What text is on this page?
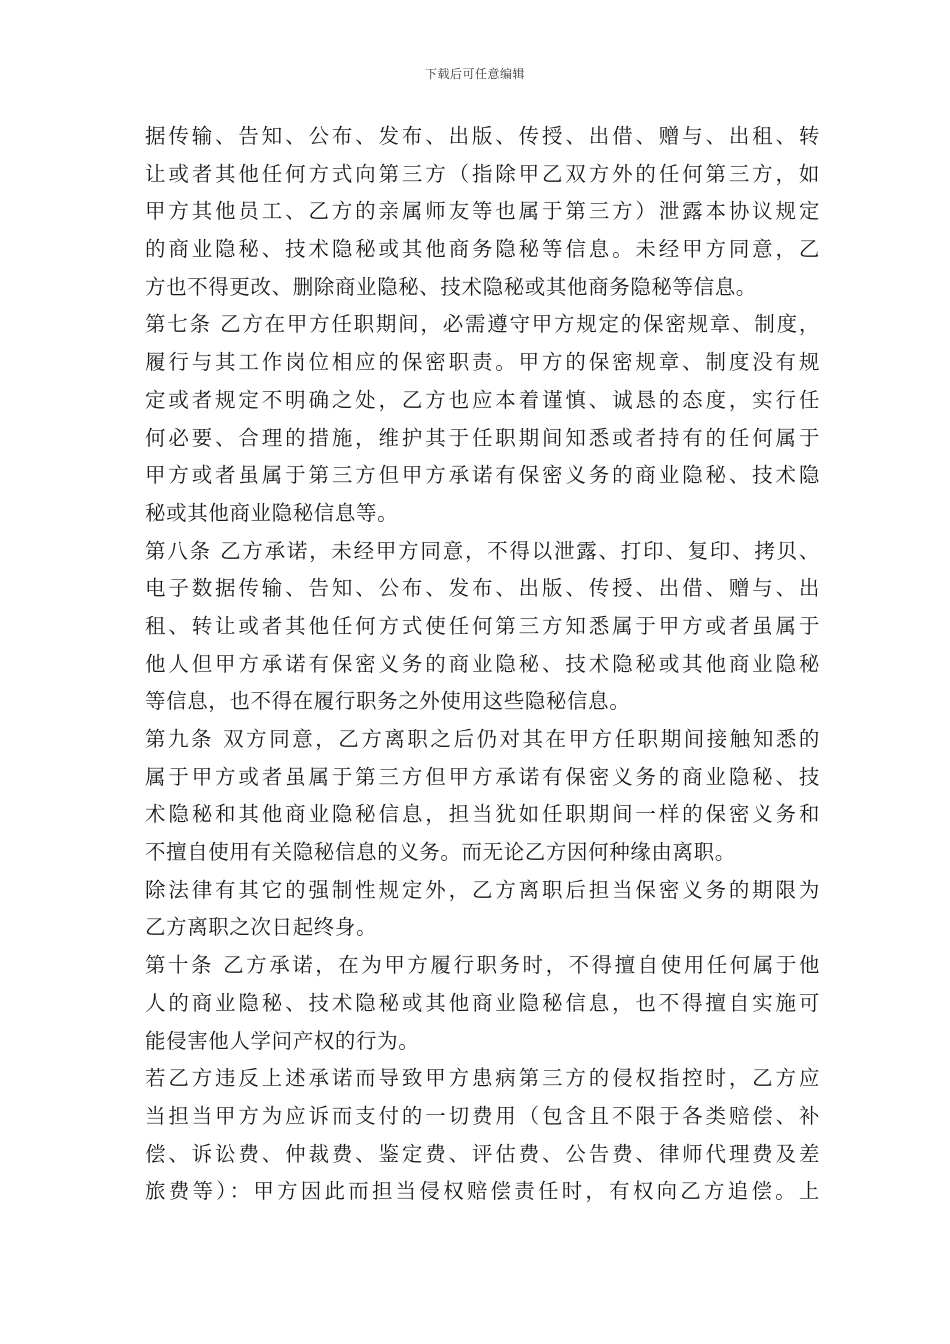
下载后可任意编辑
据传输、告知、公布、发布、出版、传授、出借、赠与、出租、转
让或者其他任何方式向第三方（指除甲乙双方外的任何第三方，如
甲方其他员工、乙方的亲属师友等也属于第三方）泄露本协议规定
的商业隐秘、技术隐秘或其他商务隐秘等信息。未经甲方同意，乙
方也不得更改、删除商业隐秘、技术隐秘或其他商务隐秘等信息。
第七条 乙方在甲方任职期间，必需遵守甲方规定的保密规章、制度，
履行与其工作岗位相应的保密职责。甲方的保密规章、制度没有规
定或者规定不明确之处，乙方也应本着谨慎、诚恳的态度，实行任
何必要、合理的措施，维护其于任职期间知悉或者持有的任何属于
甲方或者虽属于第三方但甲方承诺有保密义务的商业隐秘、技术隐
秘或其他商业隐秘信息等。
第八条 乙方承诺，未经甲方同意，不得以泄露、打印、复印、拷贝、
电子数据传输、告知、公布、发布、出版、传授、出借、赠与、出
租、转让或者其他任何方式使任何第三方知悉属于甲方或者虽属于
他人但甲方承诺有保密义务的商业隐秘、技术隐秘或其他商业隐秘
等信息，也不得在履行职务之外使用这些隐秘信息。
第九条 双方同意，乙方离职之后仍对其在甲方任职期间接触知悉的
属于甲方或者虽属于第三方但甲方承诺有保密义务的商业隐秘、技
术隐秘和其他商业隐秘信息，担当犹如任职期间一样的保密义务和
不擅自使用有关隐秘信息的义务。而无论乙方因何种缘由离职。
除法律有其它的强制性规定外，乙方离职后担当保密义务的期限为
乙方离职之次日起终身。
第十条 乙方承诺，在为甲方履行职务时，不得擅自使用任何属于他
人的商业隐秘、技术隐秘或其他商业隐秘信息，也不得擅自实施可
能侵害他人学问产权的行为。
若乙方违反上述承诺而导致甲方患病第三方的侵权指控时，乙方应
当担当甲方为应诉而支付的一切费用（包含且不限于各类赔偿、补
偿、诉讼费、仲裁费、鉴定费、评估费、公告费、律师代理费及差
旅费等）：甲方因此而担当侵权赔偿责任时，有权向乙方追偿。上
